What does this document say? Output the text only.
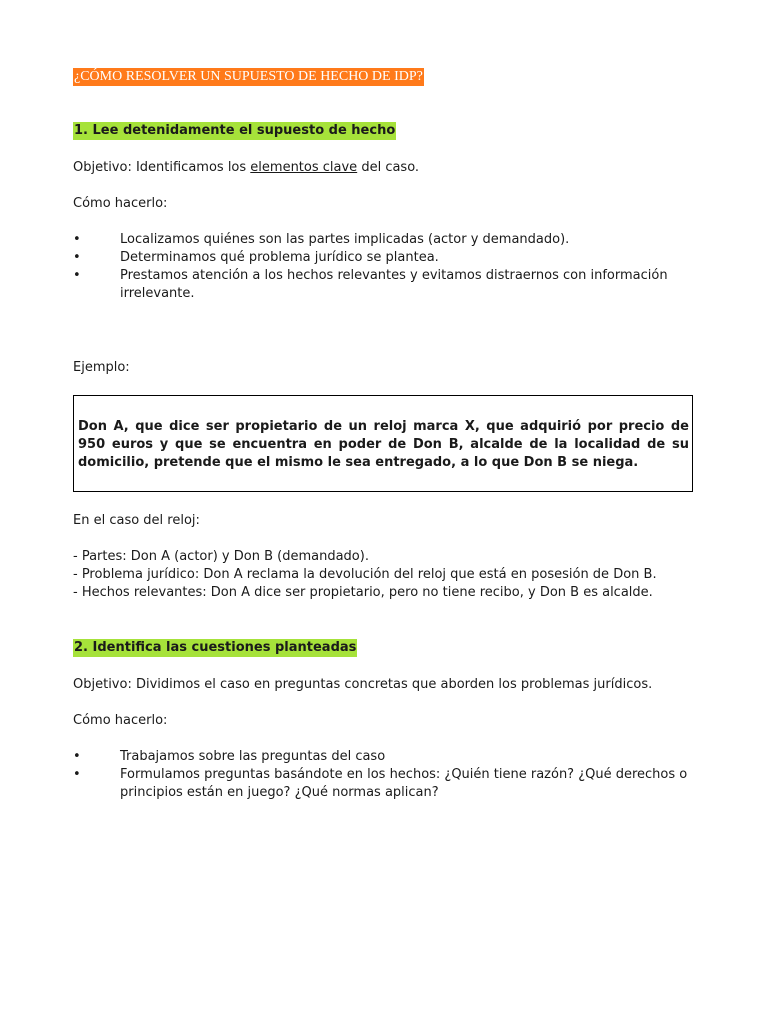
¿CÓMO RESOLVER UN SUPUESTO DE HECHO DE IDP?
1. Lee detenidamente el supuesto de hecho
Objetivo: Identificamos los elementos clave del caso.
Cómo hacerlo:
•	Localizamos quiénes son las partes implicadas (actor y demandado).
•	Determinamos qué problema jurídico se plantea.
•	Prestamos atención a los hechos relevantes y evitamos distraernos con información irrelevante.
Ejemplo:
Don A, que dice ser propietario de un reloj marca X, que adquirió por precio de 950 euros y que se encuentra en poder de Don B, alcalde de la localidad de su domicilio, pretende que el mismo le sea entregado, a lo que Don B se niega.
En el caso del reloj:
- Partes: Don A (actor) y Don B (demandado).
- Problema jurídico: Don A reclama la devolución del reloj que está en posesión de Don B.
- Hechos relevantes: Don A dice ser propietario, pero no tiene recibo, y Don B es alcalde.
2. Identifica las cuestiones planteadas
Objetivo: Dividimos el caso en preguntas concretas que aborden los problemas jurídicos.
Cómo hacerlo:
•	Trabajamos sobre las preguntas del caso
•	Formulamos preguntas basándote en los hechos: ¿Quién tiene razón? ¿Qué derechos o principios están en juego? ¿Qué normas aplican?
